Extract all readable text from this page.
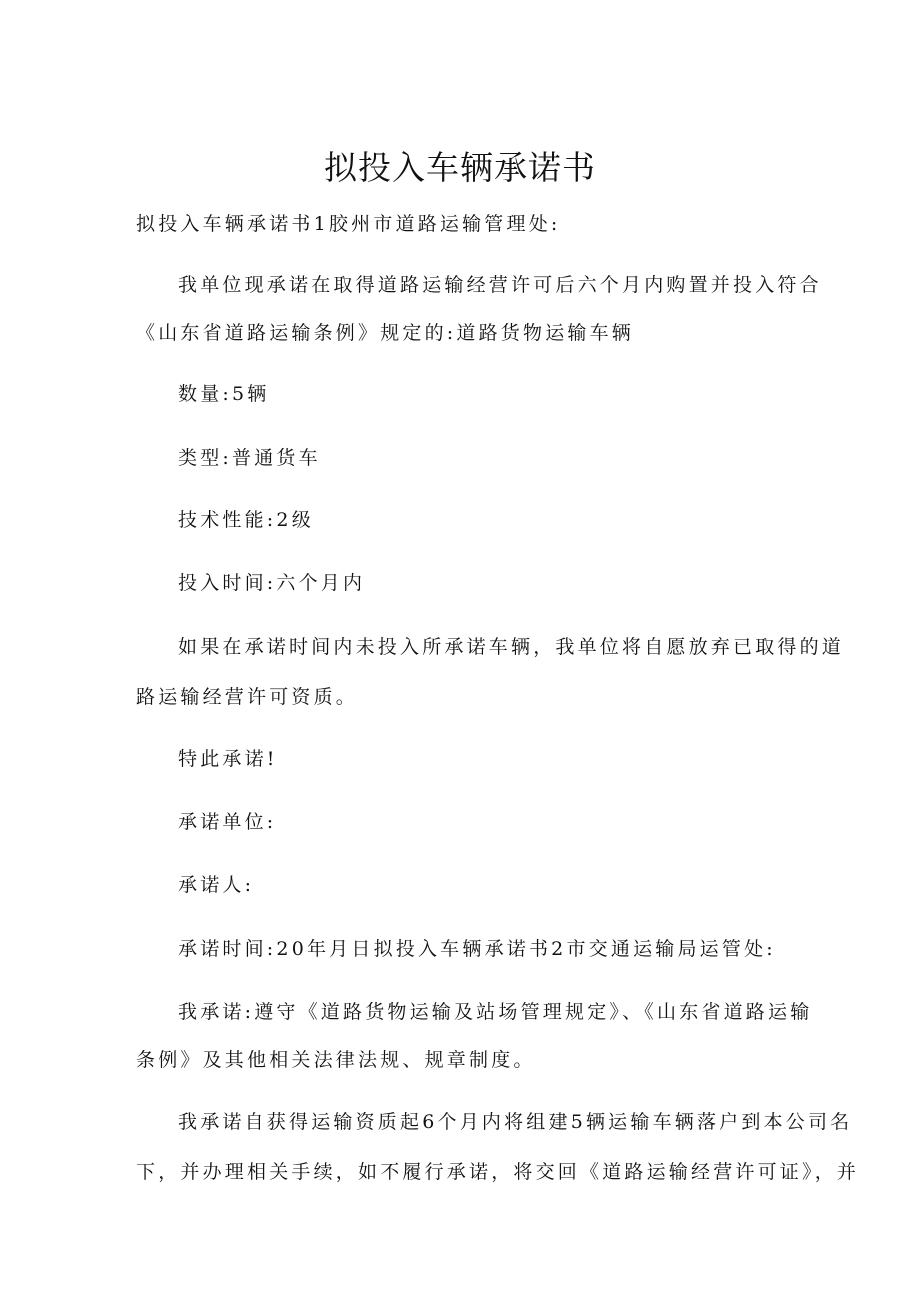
拟投入车辆承诺书
拟投入车辆承诺书1胶州市道路运输管理处:
我单位现承诺在取得道路运输经营许可后六个月内购置并投入符合
《山东省道路运输条例》规定的:道路货物运输车辆
数量:5辆
类型:普通货车
技术性能:2级
投入时间:六个月内
如果在承诺时间内未投入所承诺车辆，我单位将自愿放弃已取得的道
路运输经营许可资质。
特此承诺!
承诺单位:
承诺人:
承诺时间:20年月日拟投入车辆承诺书2市交通运输局运管处:
我承诺:遵守《道路货物运输及站场管理规定》、《山东省道路运输
条例》及其他相关法律法规、规章制度。
我承诺自获得运输资质起6个月内将组建5辆运输车辆落户到本公司名
下，并办理相关手续，如不履行承诺，将交回《道路运输经营许可证》，并
